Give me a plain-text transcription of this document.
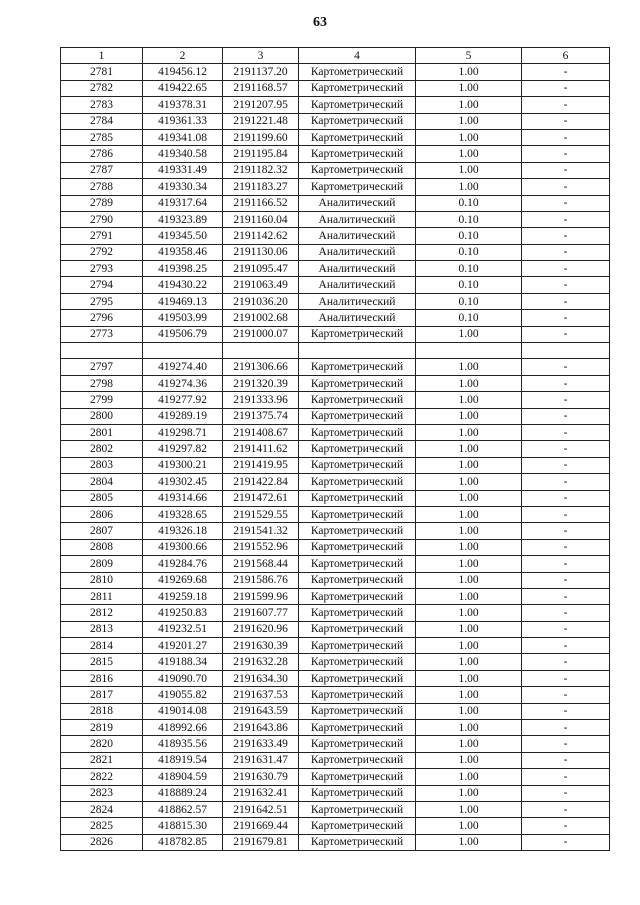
63
1	2	3	4	5	6
2781	419456.12	2191137.20	Картометрический	1.00	-
2782	419422.65	2191168.57	Картометрический	1.00	-
2783	419378.31	2191207.95	Картометрический	1.00	-
2784	419361.33	2191221.48	Картометрический	1.00	-
2785	419341.08	2191199.60	Картометрический	1.00	-
2786	419340.58	2191195.84	Картометрический	1.00	-
2787	419331.49	2191182.32	Картометрический	1.00	-
2788	419330.34	2191183.27	Картометрический	1.00	-
2789	419317.64	2191166.52	Аналитический	0.10	-
2790	419323.89	2191160.04	Аналитический	0.10	-
2791	419345.50	2191142.62	Аналитический	0.10	-
2792	419358.46	2191130.06	Аналитический	0.10	-
2793	419398.25	2191095.47	Аналитический	0.10	-
2794	419430.22	2191063.49	Аналитический	0.10	-
2795	419469.13	2191036.20	Аналитический	0.10	-
2796	419503.99	2191002.68	Аналитический	0.10	-
2773	419506.79	2191000.07	Картометрический	1.00	-

2797	419274.40	2191306.66	Картометрический	1.00	-
2798	419274.36	2191320.39	Картометрический	1.00	-
2799	419277.92	2191333.96	Картометрический	1.00	-
2800	419289.19	2191375.74	Картометрический	1.00	-
2801	419298.71	2191408.67	Картометрический	1.00	-
2802	419297.82	2191411.62	Картометрический	1.00	-
2803	419300.21	2191419.95	Картометрический	1.00	-
2804	419302.45	2191422.84	Картометрический	1.00	-
2805	419314.66	2191472.61	Картометрический	1.00	-
2806	419328.65	2191529.55	Картометрический	1.00	-
2807	419326.18	2191541.32	Картометрический	1.00	-
2808	419300.66	2191552.96	Картометрический	1.00	-
2809	419284.76	2191568.44	Картометрический	1.00	-
2810	419269.68	2191586.76	Картометрический	1.00	-
2811	419259.18	2191599.96	Картометрический	1.00	-
2812	419250.83	2191607.77	Картометрический	1.00	-
2813	419232.51	2191620.96	Картометрический	1.00	-
2814	419201.27	2191630.39	Картометрический	1.00	-
2815	419188.34	2191632.28	Картометрический	1.00	-
2816	419090.70	2191634.30	Картометрический	1.00	-
2817	419055.82	2191637.53	Картометрический	1.00	-
2818	419014.08	2191643.59	Картометрический	1.00	-
2819	418992.66	2191643.86	Картометрический	1.00	-
2820	418935.56	2191633.49	Картометрический	1.00	-
2821	418919.54	2191631.47	Картометрический	1.00	-
2822	418904.59	2191630.79	Картометрический	1.00	-
2823	418889.24	2191632.41	Картометрический	1.00	-
2824	418862.57	2191642.51	Картометрический	1.00	-
2825	418815.30	2191669.44	Картометрический	1.00	-
2826	418782.85	2191679.81	Картометрический	1.00	-
